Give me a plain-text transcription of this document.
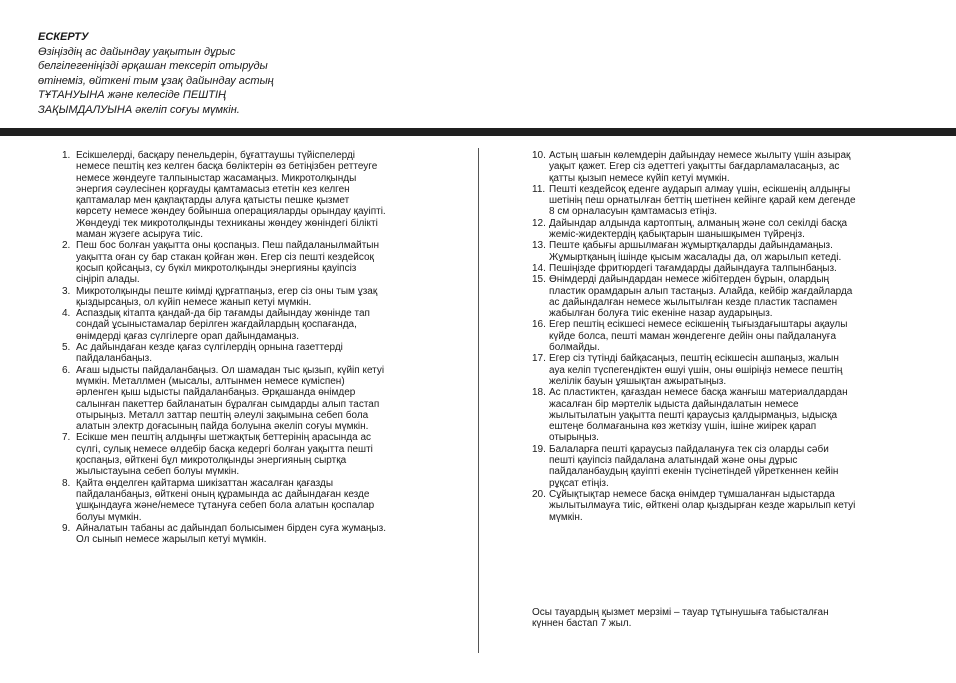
ЕСКЕРТУ
Өзіңіздің ас дайындау уақытын дұрыс
белгілегеніңізді әрқашан тексеріп отыруды
өтінеміз, өйткені тым ұзақ дайындау астың
ТҰТАНУЫНА және келесіде ПЕШТІҢ
ЗАҚЫМДАЛУЫНА әкеліп соғуы мүмкін.
1. Есікшелерді, басқару пенельдерін, бұғаттаушы түйіспелерді
немесе пештің кез келген басқа бөліктерін өз бетіңізбен реттеуге
немесе жөндеуге талпыныстар жасамаңыз. Микротолқынды
энергия сәулесінен қорғауды қамтамасыз ететін кез келген
қаптамалар мен қақпақтарды алуға қатысты пешке қызмет
көрсету немесе жөндеу бойынша операцияларды орындау қауіпті.
Жөндеуді тек микротолқынды техниканы жөндеу жөніндегі білікті
маман жүзеге асыруға тиіс.
2. Пеш бос болған уақытта оны қоспаңыз. Пеш пайдаланылмайтын
уақытта оған су бар стакан қойған жөн. Егер сіз пешті кездейсоқ
қосып қойсаңыз, су бүкіл микротолқынды энергияны қауіпсіз
сіңіріп алады.
3. Микротолқынды пеште киімді құрғатпаңыз, егер сіз оны тым ұзақ
қыздырсаңыз, ол күйіп немесе жанып кетуі мүмкін.
4. Аспаздық кітапта қандай-да бір тағамды дайындау жөнінде тап
сондай ұсыныстамалар берілген жағдайлардың қоспағанда,
өнімдерді қағаз сүлгілерге орап дайындамаңыз.
5. Ас дайындаған кезде қағаз сүлгілердің орнына газеттерді
пайдаланбаңыз.
6. Ағаш ыдысты пайдаланбаңыз. Ол шамадан тыс қызып, күйіп кетуі
мүмкін. Металлмен (мысалы, алтынмен немесе күміспен)
әрленген қыш ыдысты пайдаланбаңыз. Әрқашанда өнімдер
салынған пакеттер байланатын бұралған сымдарды алып тастап
отырыңыз. Металл заттар пештің әлеулі зақымына себеп бола
алатын электр доғасының пайда болуына әкеліп соғуы мүмкін.
7. Есікше мен пештің алдыңғы шетжақтық беттерінің арасында ас
сүлгі, сулық немесе өлдебір басқа кедергі болған уақытта пешті
қоспаңыз, өйткені бұл микротолқынды энергияның сыртқа
жылыстауына себеп болуы мүмкін.
8. Қайта өңделген қайтарма шикізаттан жасалған қағазды
пайдаланбаңыз, өйткені оның құрамында ас дайындаған кезде
ұшқындауға және/немесе тұтануға себеп бола алатын қоспалар
болуы мүмкін.
9. Айналатын табаны ас дайындап болысымен бірден суға жумаңыз.
Ол сынып немесе жарылып кетуі мүмкін.
10. Астың шағын көлемдерін дайындау немесе жылыту үшін азырақ
уақыт қажет. Егер сіз әдеттегі уақытты бағдарламаласаңыз, ас
қатты қызып немесе күйіп кетуі мүмкін.
11. Пешті кездейсоқ еденге аударып алмау үшін, есікшенің алдыңғы
шетінің пеш орнатылған беттің шетінен кейінге қарай кем дегенде
8 см орналасуын қамтамасыз етіңіз.
12. Дайындар алдында картоптың, алманың және сол секілді басқа
жеміс-жидектердің қабықтарын шанышқымен түйреңіз.
13. Пеште қабығы аршылмаған жұмыртқаларды дайындамаңыз.
Жұмыртқаның ішінде қысым жасалады да, ол жарылып кетеді.
14. Пешіңізде фритюрдегі тағамдарды дайындауға талпынбаңыз.
15. Өнімдерді дайындардан немесе жібітерден бұрын, олардың
пластик орамдарын алып тастаңыз. Алайда, кейбір жағдайларда
ас дайындалған немесе жылытылған кезде пластик таспамен
жабылған болуға тиіс екеніне назар аударыңыз.
16. Егер пештің есікшесі немесе есікшенің тығыздағыштары ақаулы
күйде болса, пешті маман жөндегенге дейін оны пайдалануға
болмайды.
17. Егер сіз түтінді байқасаңыз, пештің есікшесін ашпаңыз, жалын
ауа келіп түспегендіктен өшуі үшін, оны өшіріңіз немесе пештің
желілік бауын ұяшықтан ажыратыңыз.
18. Ас пластиктен, қағаздан немесе басқа жанғыш материалдардан
жасалған бір мәртелік ыдыста дайындалатын немесе
жылытылатын уақытта пешті қараусыз қалдырмаңыз, ыдысқа
ештеңе болмағанына көз жеткізу үшін, ішіне жиірек қарап
отырыңыз.
19. Балаларға пешті қараусыз пайдалануға тек сіз оларды сәби
пешті қауіпсіз пайдалана алатындай және оны дұрыс
пайдаланбаудың қауіпті екенін түсінетіндей үйреткеннен кейін
рұқсат етіңіз.
20. Сұйықтықтар немесе басқа өнімдер тұмшаланған ыдыстарда
жылытылмауға тиіс, өйткені олар қыздырған кезде жарылып кетуі
мүмкін.
Осы тауардың қызмет мерзімі – тауар тұтынушыға табысталған
күннен бастап 7 жыл.
